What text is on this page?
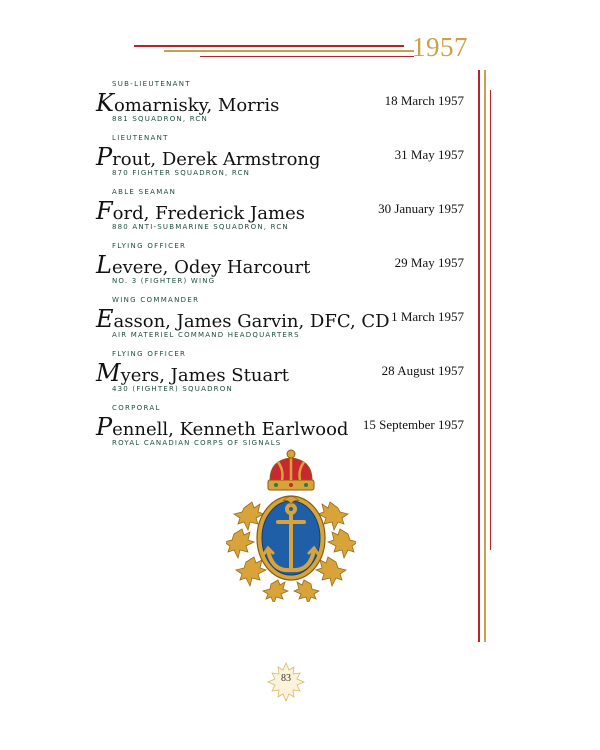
1957
SUB-LIEUTENANT
Komarnisky, Morris
881 SQUADRON, RCN
18 March 1957
LIEUTENANT
Prout, Derek Armstrong
870 FIGHTER SQUADRON, RCN
31 May 1957
ABLE SEAMAN
Ford, Frederick James
880 ANTI-SUBMARINE SQUADRON, RCN
30 January 1957
FLYING OFFICER
Levere, Odey Harcourt
NO. 3 (FIGHTER) WING
29 May 1957
WING COMMANDER
Easson, James Garvin, DFC, CD
AIR MATERIEL COMMAND HEADQUARTERS
1 March 1957
FLYING OFFICER
Myers, James Stuart
430 (FIGHTER) SQUADRON
28 August 1957
CORPORAL
Pennell, Kenneth Earlwood
ROYAL CANADIAN CORPS OF SIGNALS
15 September 1957
83
